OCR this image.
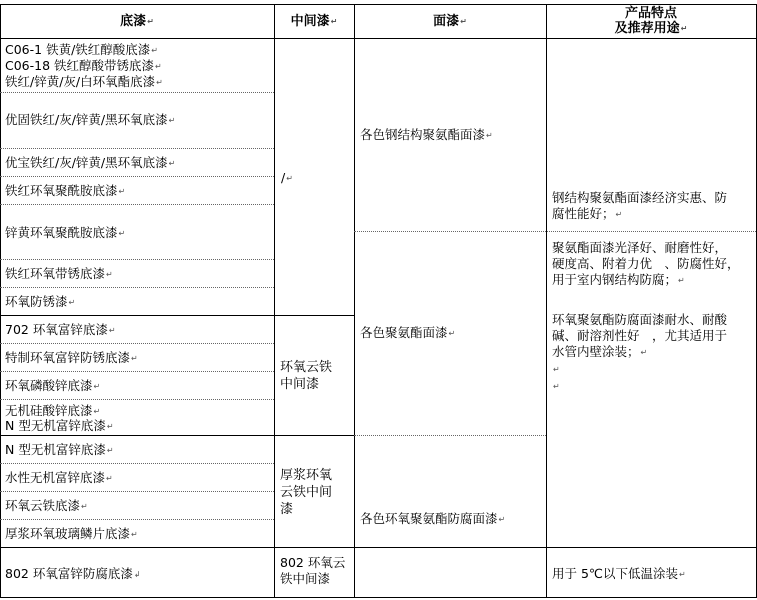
底漆↵	中间漆↵	面漆↵
产品特点
及推荐用途↵
C06-1 铁黄/铁红醇酸底漆↵
C06-18 铁红醇酸带锈底漆↵
铁红/锌黄/灰/白环氧酯底漆↵
优固铁红/灰/锌黄/黑环氧底漆↵
优宝铁红/灰/锌黄/黑环氧底漆↵
铁红环氧聚酰胺底漆↵
锌黄环氧聚酰胺底漆↵
铁红环氧带锈底漆↵
环氧防锈漆↵
702 环氧富锌底漆↵
特制环氧富锌防锈底漆↵
环氧磷酸锌底漆↵
无机硅酸锌底漆↵
N 型无机富锌底漆↵
N 型无机富锌底漆↵
水性无机富锌底漆↵
环氧云铁底漆↵
厚浆环氧玻璃鳞片底漆↵
802 环氧富锌防腐底漆↲
/↵
环氧云铁
中间漆
厚浆环氧
云铁中间
漆
802 环氧云
铁中间漆
各色钢结构聚氨酯面漆↵
各色聚氨酯面漆↵
各色环氧聚氨酯防腐面漆↵
钢结构聚氨酯面漆经济实惠、防
腐性能好；↵
聚氨酯面漆光泽好、耐磨性好，
硬度高、附着力优　、防腐性好，
用于室内钢结构防腐；↵
环氧聚氨酯防腐面漆耐水、耐酸
碱、耐溶剂性好　，尤其适用于
水管内壁涂装；↵
↵
↵
用于 5℃以下低温涂装↵
